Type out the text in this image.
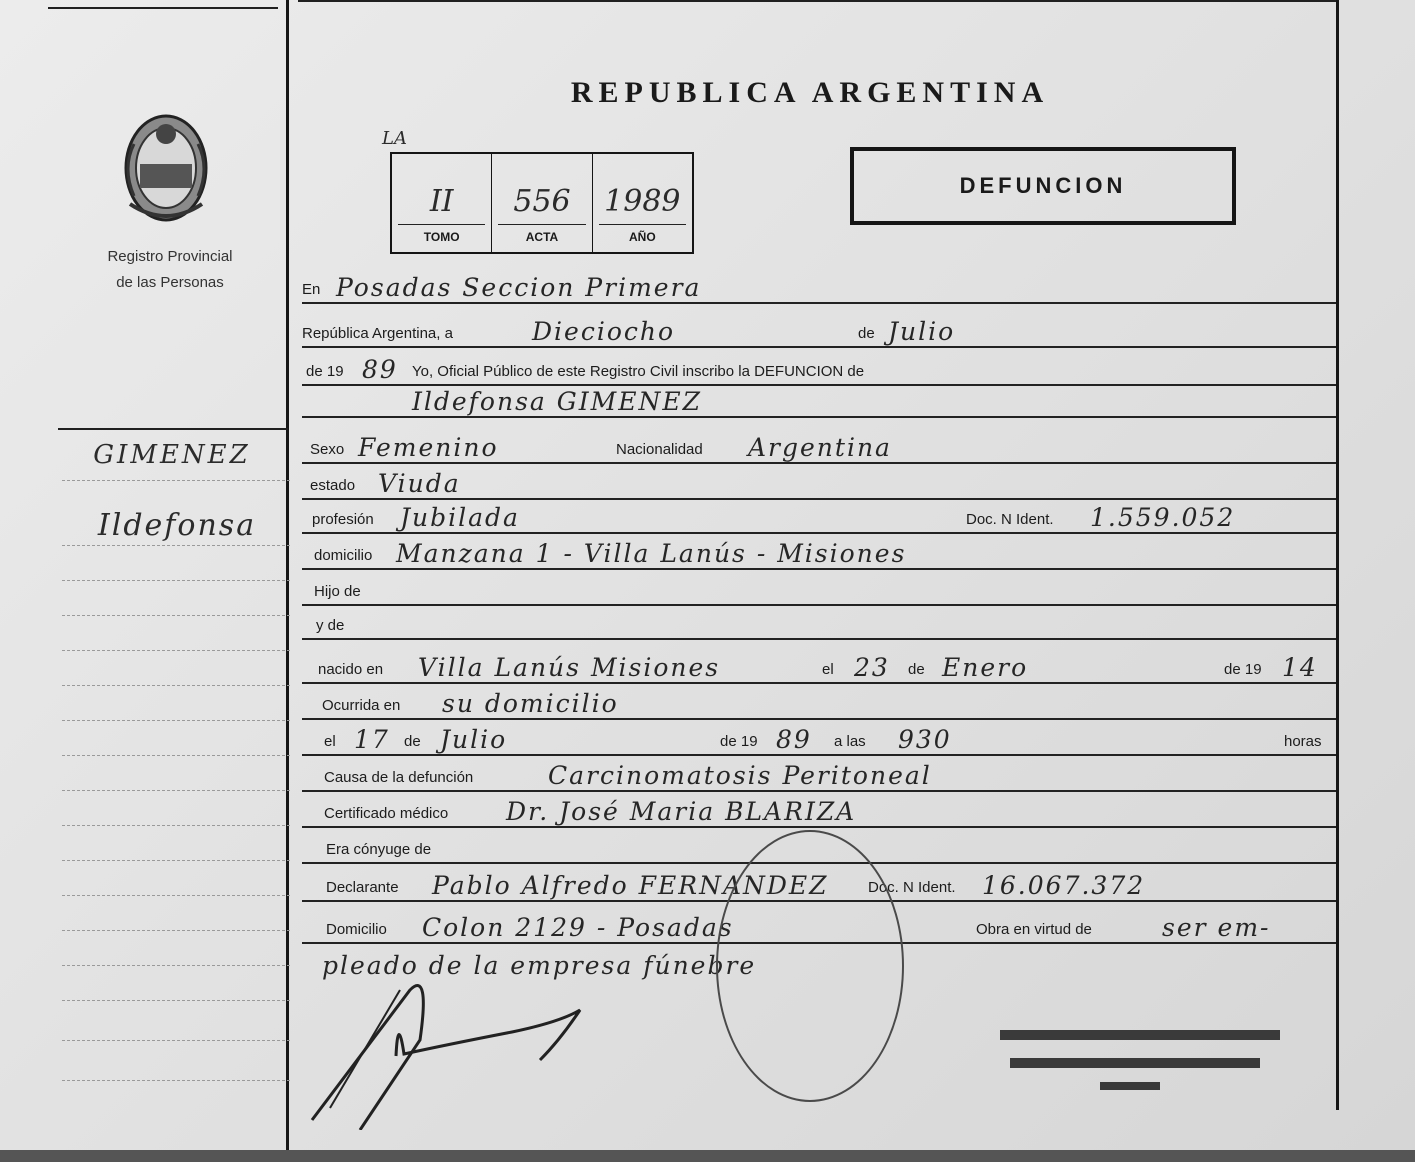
Registro Provincial
de las Personas
GIMENEZ
Ildefonsa
REPUBLICA ARGENTINA
LA
II
TOMO
556
ACTA
1989
AÑO
DEFUNCION
En Posadas Seccion Primera
República Argentina, a	Dieciocho	de Julio
de 19 89 Yo, Oficial Público de este Registro Civil inscribo la DEFUNCION de
Ildefonsa GIMENEZ
Sexo Femenino	Nacionalidad Argentina
estado Viuda
profesión Jubilada	Doc. N Ident. 1.559.052
domicilio Manzana 1 - Villa Lanús - Misiones
Hijo de
y de
nacido en Villa Lanús Misiones	el 23 de Enero	de 19 14
Ocurrida en su domicilio
el 17 de Julio	de 19 89 a las 930	horas
Causa de la defunción	Carcinomatosis Peritoneal
Certificado médico Dr. José Maria BLARIZA
Era cónyuge de
Declarante Pablo Alfredo FERNANDEZ	Doc. N Ident. 16.067.372
Domicilio Colon 2129 - Posadas	Obra en virtud de	ser em-
pleado de la empresa fúnebre
